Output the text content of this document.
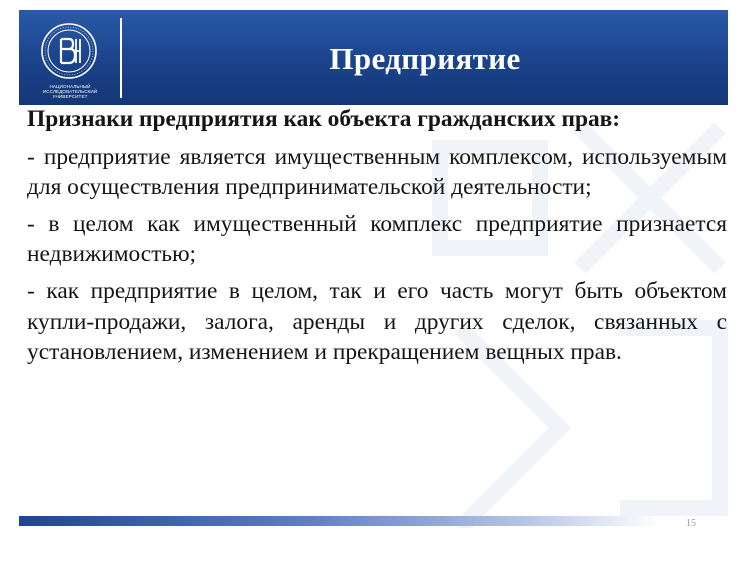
НАЦИОНАЛЬНЫЙ ИССЛЕДОВАТЕЛЬСКИЙ УНИВЕРСИТЕТ
Предприятие

Признаки предприятия как объекта гражданских прав:

- предприятие является имущественным комплексом, используемым для осуществления предпринимательской деятельности;

- в целом как имущественный комплекс предприятие признается недвижимостью;

- как предприятие в целом, так и его часть могут быть объектом купли-продажи, залога, аренды и других сделок, связанных с установлением, изменением и прекращением вещных прав.

15
